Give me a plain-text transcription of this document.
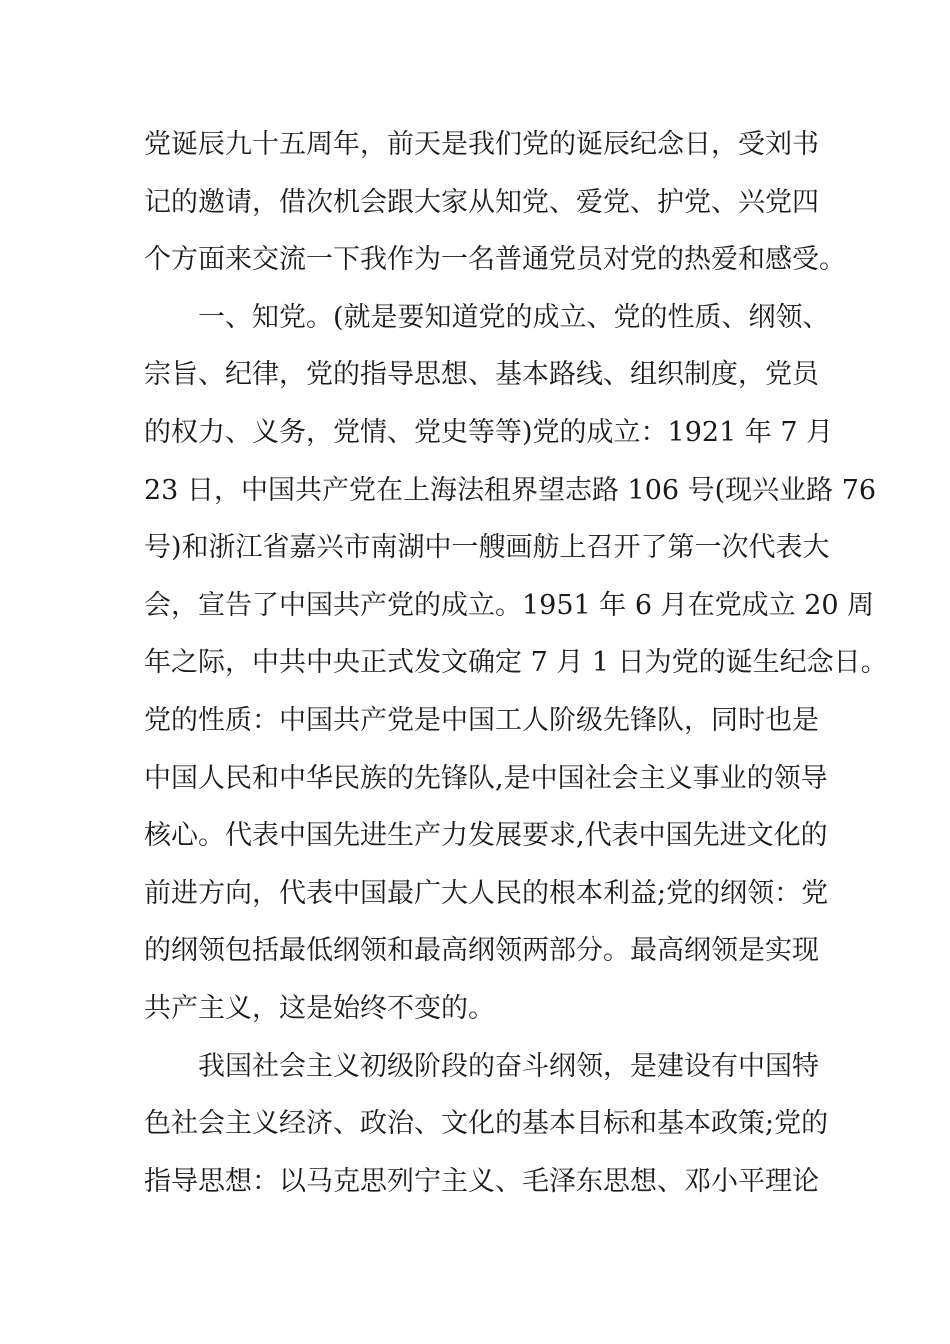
党诞辰九十五周年，前天是我们党的诞辰纪念日，受刘书
记的邀请，借次机会跟大家从知党、爱党、护党、兴党四
个方面来交流一下我作为一名普通党员对党的热爱和感受。
一、知党。(就是要知道党的成立、党的性质、纲领、
宗旨、纪律，党的指导思想、基本路线、组织制度，党员
的权力、义务，党情、党史等等)党的成立：1921 年 7 月
23 日，中国共产党在上海法租界望志路 106 号(现兴业路 76
号)和浙江省嘉兴市南湖中一艘画舫上召开了第一次代表大
会，宣告了中国共产党的成立。1951 年 6 月在党成立 20 周
年之际，中共中央正式发文确定 7 月 1 日为党的诞生纪念日。
党的性质：中国共产党是中国工人阶级先锋队，同时也是
中国人民和中华民族的先锋队,是中国社会主义事业的领导
核心。代表中国先进生产力发展要求,代表中国先进文化的
前进方向，代表中国最广大人民的根本利益;党的纲领：党
的纲领包括最低纲领和最高纲领两部分。最高纲领是实现
共产主义，这是始终不变的。
我国社会主义初级阶段的奋斗纲领，是建设有中国特
色社会主义经济、政治、文化的基本目标和基本政策;党的
指导思想：以马克思列宁主义、毛泽东思想、邓小平理论
